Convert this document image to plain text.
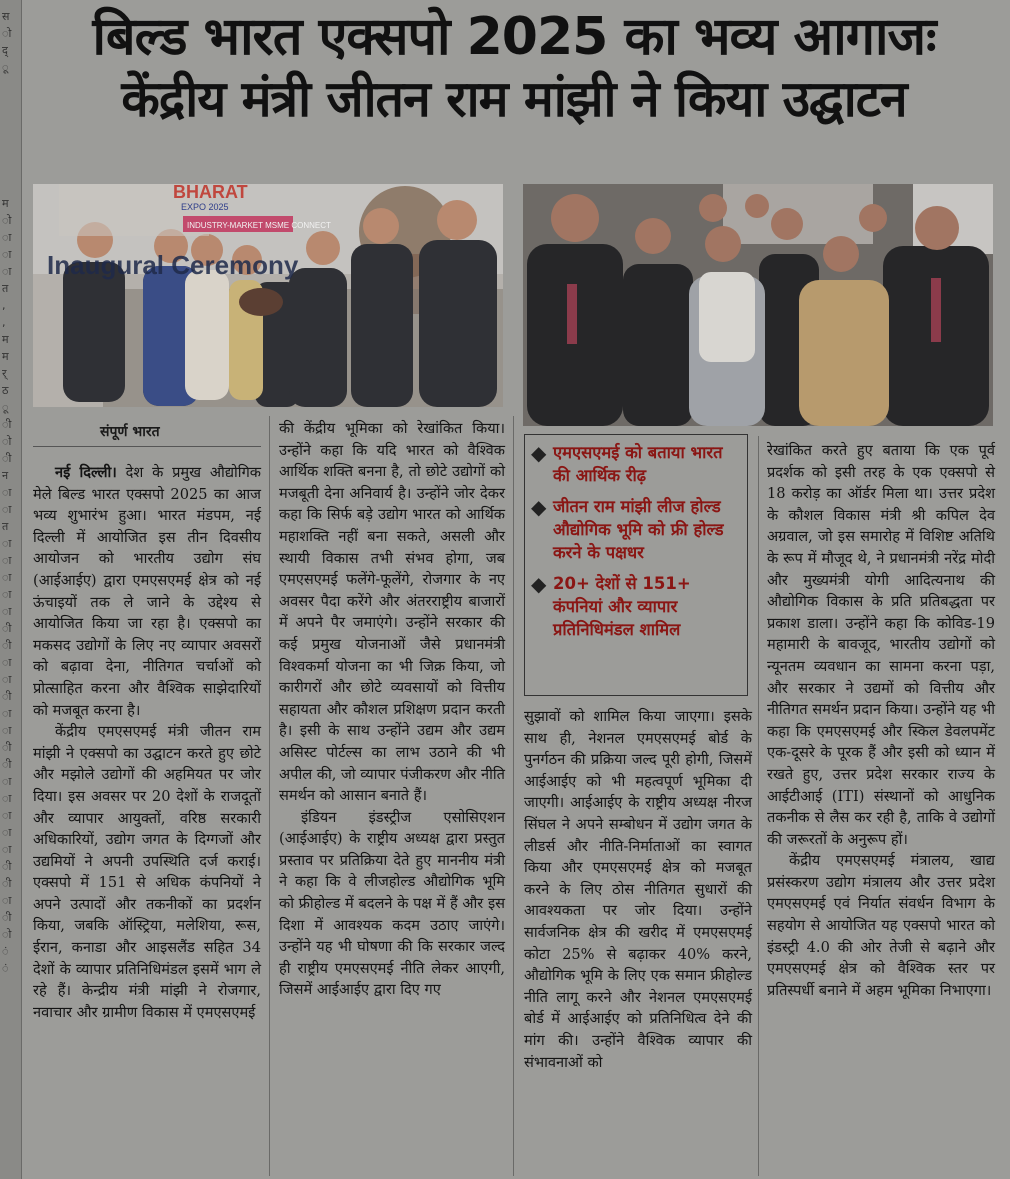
स
ो
द्
ू

म
ो
ा
ा
ा
त
,
,
म
म
र्
ठ
ू
ी
ो
ी
न
ा
ा
त
ा
ा
ा
ा
ा
ी
ी
ा
ा
ी
ा
ा
ी
ी
ा
ा
ा
ा
ा
ी
ी
ा
ी
ो
ं
ं
बिल्ड भारत एक्सपो 2025 का भव्य आगाजः
केंद्रीय मंत्री जीतन राम मांझी ने किया उद्घाटन
BHARAT
EXPO 2025
INDUSTRY-MARKET MSME CONNECT
Inaugural Ceremony
संपूर्ण भारत

नई दिल्ली। देश के प्रमुख औद्योगिक मेले बिल्ड भारत एक्सपो 2025 का आज भव्य शुभारंभ हुआ। भारत मंडपम, नई दिल्ली में आयोजित इस तीन दिवसीय आयोजन को भारतीय उद्योग संघ (आईआईए) द्वारा एमएसएमई क्षेत्र को नई ऊंचाइयों तक ले जाने के उद्देश्य से आयोजित किया जा रहा है। एक्सपो का मकसद उद्योगों के लिए नए व्यापार अवसरों को बढ़ावा देना, नीतिगत चर्चाओं को प्रोत्साहित करना और वैश्विक साझेदारियों को मजबूत करना है।

केंद्रीय एमएसएमई मंत्री जीतन राम मांझी ने एक्सपो का उद्घाटन करते हुए छोटे और मझोले उद्योगों की अहमियत पर जोर दिया। इस अवसर पर 20 देशों के राजदूतों और व्यापार आयुक्तों, वरिष्ठ सरकारी अधिकारियों, उद्योग जगत के दिग्गजों और उद्यमियों ने अपनी उपस्थिति दर्ज कराई। एक्सपो में 151 से अधिक कंपनियों ने अपने उत्पादों और तकनीकों का प्रदर्शन किया, जबकि ऑस्ट्रिया, मलेशिया, रूस, ईरान, कनाडा और आइसलैंड सहित 34 देशों के व्यापार प्रतिनिधिमंडल इसमें भाग ले रहे हैं। केन्द्रीय मंत्री मांझी ने रोजगार, नवाचार और ग्रामीण विकास में एमएसएमई

की केंद्रीय भूमिका को रेखांकित किया। उन्होंने कहा कि यदि भारत को वैश्विक आर्थिक शक्ति बनना है, तो छोटे उद्योगों को मजबूती देना अनिवार्य है। उन्होंने जोर देकर कहा कि सिर्फ बड़े उद्योग भारत को आर्थिक महाशक्ति नहीं बना सकते, असली और स्थायी विकास तभी संभव होगा, जब एमएसएमई फलेंगे-फूलेंगे, रोजगार के नए अवसर पैदा करेंगे और अंतरराष्ट्रीय बाजारों में अपने पैर जमाएंगे। उन्होंने सरकार की कई प्रमुख योजनाओं जैसे प्रधानमंत्री विश्वकर्मा योजना का भी जिक्र किया, जो कारीगरों और छोटे व्यवसायों को वित्तीय सहायता और कौशल प्रशिक्षण प्रदान करती है। इसी के साथ उन्होंने उद्यम और उद्यम असिस्ट पोर्टल्स का लाभ उठाने की भी अपील की, जो व्यापार पंजीकरण और नीति समर्थन को आसान बनाते हैं।

इंडियन इंडस्ट्रीज एसोसिएशन (आईआईए) के राष्ट्रीय अध्यक्ष द्वारा प्रस्तुत प्रस्ताव पर प्रतिक्रिया देते हुए माननीय मंत्री ने कहा कि वे लीजहोल्ड औद्योगिक भूमि को फ्रीहोल्ड में बदलने के पक्ष में हैं और इस दिशा में आवश्यक कदम उठाए जाएंगे। उन्होंने यह भी घोषणा की कि सरकार जल्द ही राष्ट्रीय एमएसएमई नीति लेकर आएगी, जिसमें आईआईए द्वारा दिए गए

◆ एमएसएमई को बताया भारत की आर्थिक रीढ़
◆ जीतन राम मांझी लीज होल्ड औद्योगिक भूमि को फ्री होल्ड करने के पक्षधर
◆ 20+ देशों से 151+ कंपनियां और व्यापार प्रतिनिधिमंडल शामिल

सुझावों को शामिल किया जाएगा। इसके साथ ही, नेशनल एमएसएमई बोर्ड के पुनर्गठन की प्रक्रिया जल्द पूरी होगी, जिसमें आईआईए को भी महत्वपूर्ण भूमिका दी जाएगी। आईआईए के राष्ट्रीय अध्यक्ष नीरज सिंघल ने अपने सम्बोधन में उद्योग जगत के लीडर्स और नीति-निर्माताओं का स्वागत किया और एमएसएमई क्षेत्र को मजबूत करने के लिए ठोस नीतिगत सुधारों की आवश्यकता पर जोर दिया। उन्होंने सार्वजनिक क्षेत्र की खरीद में एमएसएमई कोटा 25% से बढ़ाकर 40% करने, औद्योगिक भूमि के लिए एक समान फ्रीहोल्ड नीति लागू करने और नेशनल एमएसएमई बोर्ड में आईआईए को प्रतिनिधित्व देने की मांग की। उन्होंने वैश्विक व्यापार की संभावनाओं को

रेखांकित करते हुए बताया कि एक पूर्व प्रदर्शक को इसी तरह के एक एक्सपो से 18 करोड़ का ऑर्डर मिला था। उत्तर प्रदेश के कौशल विकास मंत्री श्री कपिल देव अग्रवाल, जो इस समारोह में विशिष्ट अतिथि के रूप में मौजूद थे, ने प्रधानमंत्री नरेंद्र मोदी और मुख्यमंत्री योगी आदित्यनाथ की औद्योगिक विकास के प्रति प्रतिबद्धता पर प्रकाश डाला। उन्होंने कहा कि कोविड-19 महामारी के बावजूद, भारतीय उद्योगों को न्यूनतम व्यवधान का सामना करना पड़ा, और सरकार ने उद्यमों को वित्तीय और नीतिगत समर्थन प्रदान किया। उन्होंने यह भी कहा कि एमएसएमई और स्किल डेवलपमेंट एक-दूसरे के पूरक हैं और इसी को ध्यान में रखते हुए, उत्तर प्रदेश सरकार राज्य के आईटीआई (ITI) संस्थानों को आधुनिक तकनीक से लैस कर रही है, ताकि वे उद्योगों की जरूरतों के अनुरूप हों।

केंद्रीय एमएसएमई मंत्रालय, खाद्य प्रसंस्करण उद्योग मंत्रालय और उत्तर प्रदेश एमएसएमई एवं निर्यात संवर्धन विभाग के सहयोग से आयोजित यह एक्सपो भारत को इंडस्ट्री 4.0 की ओर तेजी से बढ़ाने और एमएसएमई क्षेत्र को वैश्विक स्तर पर प्रतिस्पर्धी बनाने में अहम भूमिका निभाएगा।
